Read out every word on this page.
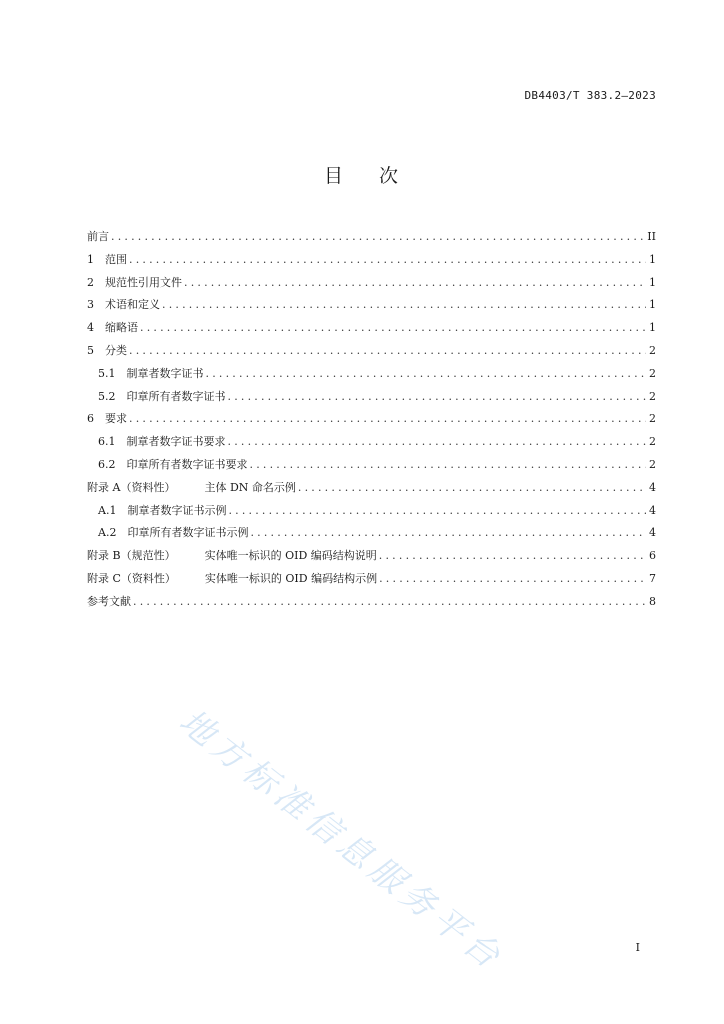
DB4403/T 383.2—2023
目 次
前言 .....	II
1 范围 .....	1
2 规范性引用文件 .....	1
3 术语和定义 .....	1
4 缩略语 .....	1
5 分类 .....	2
5.1 制章者数字证书 .....	2
5.2 印章所有者数字证书 .....	2
6 要求 .....	2
6.1 制章者数字证书要求 .....	2
6.2 印章所有者数字证书要求 .....	2
附录 A（资料性）	主体 DN 命名示例 .....	4
A.1 制章者数字证书示例 .....	4
A.2 印章所有者数字证书示例 .....	4
附录 B（规范性）	实体唯一标识的 OID 编码结构说明 .....	6
附录 C（资料性）	实体唯一标识的 OID 编码结构示例 .....	7
参考文献 .....	8
I
地方标准信息服务平台
